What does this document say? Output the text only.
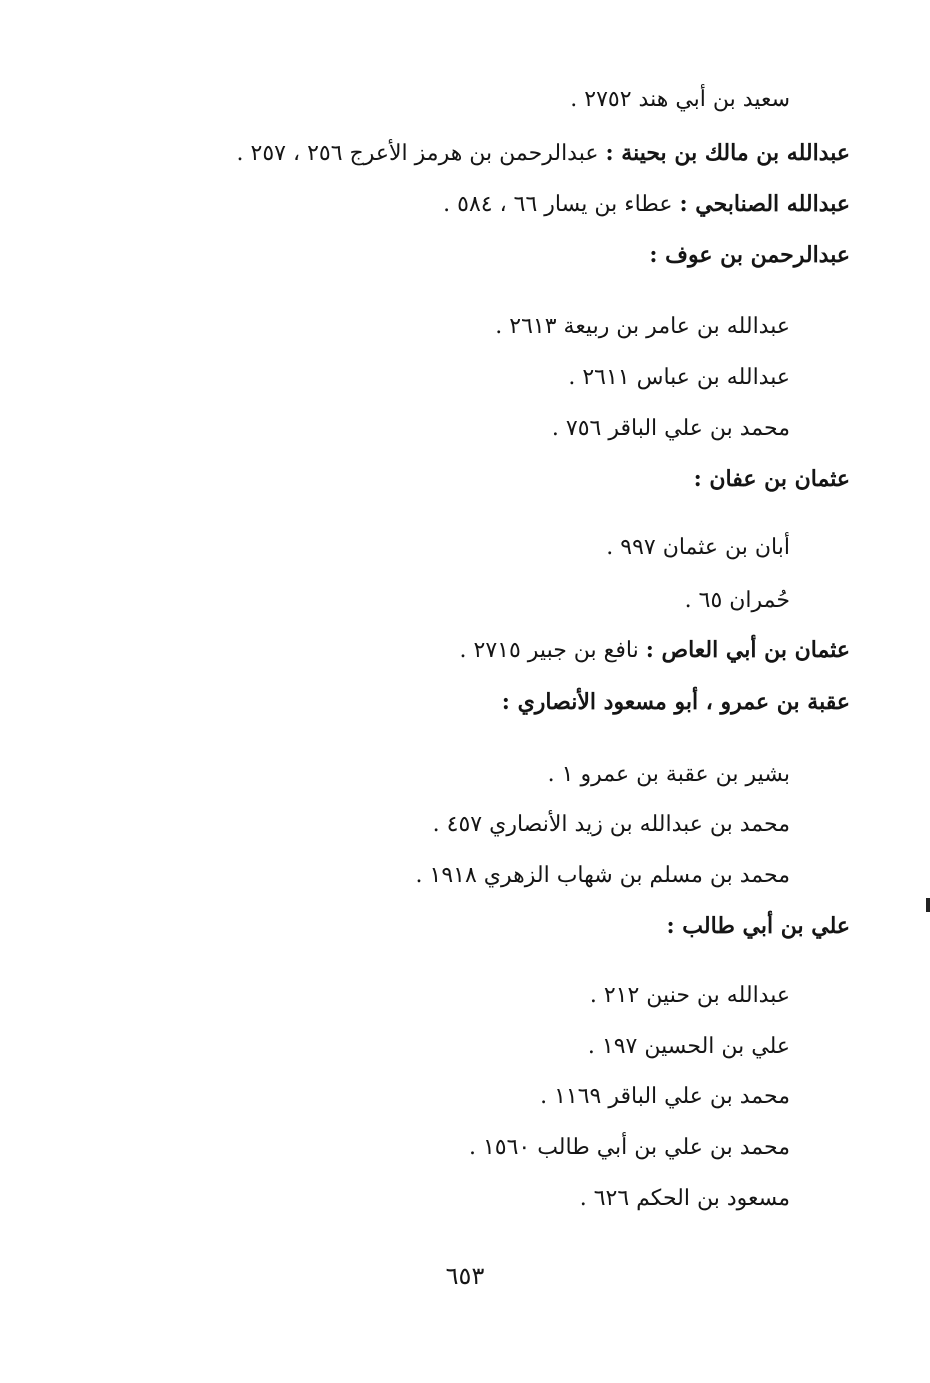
سعيد بن أبي هند ٢٧٥٢ .
عبدالله بن مالك بن بحينة : عبدالرحمن بن هرمز الأعرج ٢٥٦ ، ٢٥٧ .
عبدالله الصنابحي : عطاء بن يسار ٦٦ ، ٥٨٤ .
عبدالرحمن بن عوف :
عبدالله بن عامر بن ربيعة ٢٦١٣ .
عبدالله بن عباس ٢٦١١ .
محمد بن علي الباقر ٧٥٦ .
عثمان بن عفان :
أبان بن عثمان ٩٩٧ .
حُمران ٦٥ .
عثمان بن أبي العاص : نافع بن جبير ٢٧١٥ .
عقبة بن عمرو ، أبو مسعود الأنصاري :
بشير بن عقبة بن عمرو ١ .
محمد بن عبدالله بن زيد الأنصاري ٤٥٧ .
محمد بن مسلم بن شهاب الزهري ١٩١٨ .
علي بن أبي طالب :
عبدالله بن حنين ٢١٢ .
علي بن الحسين ١٩٧ .
محمد بن علي الباقر ١١٦٩ .
محمد بن علي بن أبي طالب ١٥٦٠ .
مسعود بن الحكم ٦٢٦ .
٦٥٣
